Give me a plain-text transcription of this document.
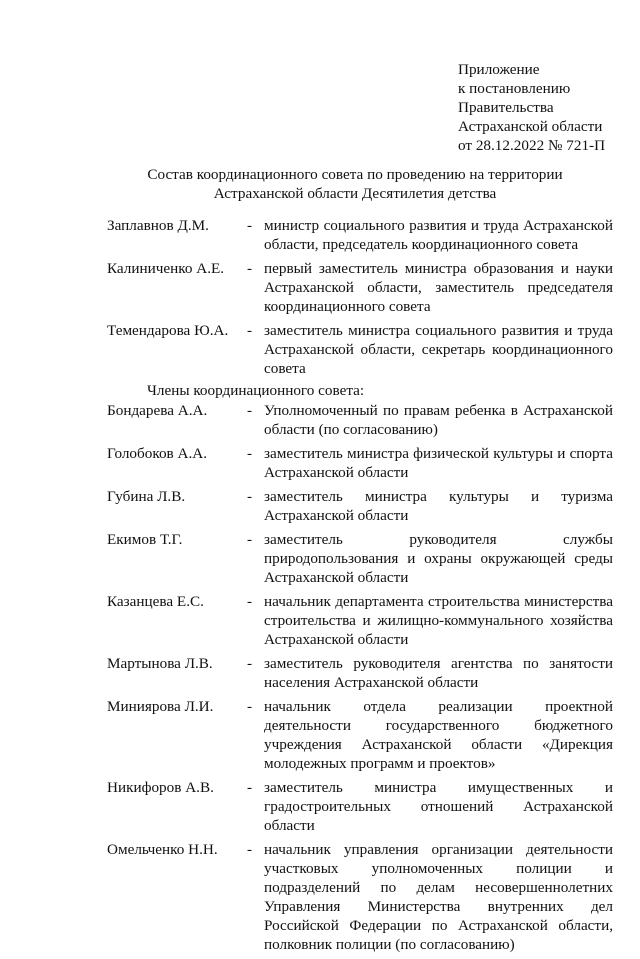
Приложение
к постановлению
Правительства
Астраханской области
от 28.12.2022 № 721-П
Состав координационного совета по проведению на территории
Астраханской области Десятилетия детства
Заплавнов Д.М.	- министр социального развития и труда Астраханской области, председатель координационного совета
Калиниченко А.Е.	- первый заместитель министра образования и науки Астраханской области, заместитель председателя координационного совета
Темендарова Ю.А.	- заместитель министра социального развития и труда Астраханской области, секретарь координационного совета
Члены координационного совета:
Бондарева А.А.	- Уполномоченный по правам ребенка в Астраханской области (по согласованию)
Голобоков А.А.	- заместитель министра физической культуры и спорта Астраханской области
Губина Л.В.	- заместитель министра культуры и туризма Астраханской области
Екимов Т.Г.	- заместитель руководителя службы природопользования и охраны окружающей среды Астраханской области
Казанцева Е.С.	- начальник департамента строительства министерства строительства и жилищно-коммунального хозяйства Астраханской области
Мартынова Л.В.	- заместитель руководителя агентства по занятости населения Астраханской области
Миниярова Л.И.	- начальник отдела реализации проектной деятельности государственного бюджетного учреждения Астраханской области «Дирекция молодежных программ и проектов»
Никифоров А.В.	- заместитель министра имущественных и градостроительных отношений Астраханской области
Омельченко Н.Н.	- начальник управления организации деятельности участковых уполномоченных полиции и подразделений по делам несовершеннолетних Управления Министерства внутренних дел Российской Федерации по Астраханской области, полковник полиции (по согласованию)
